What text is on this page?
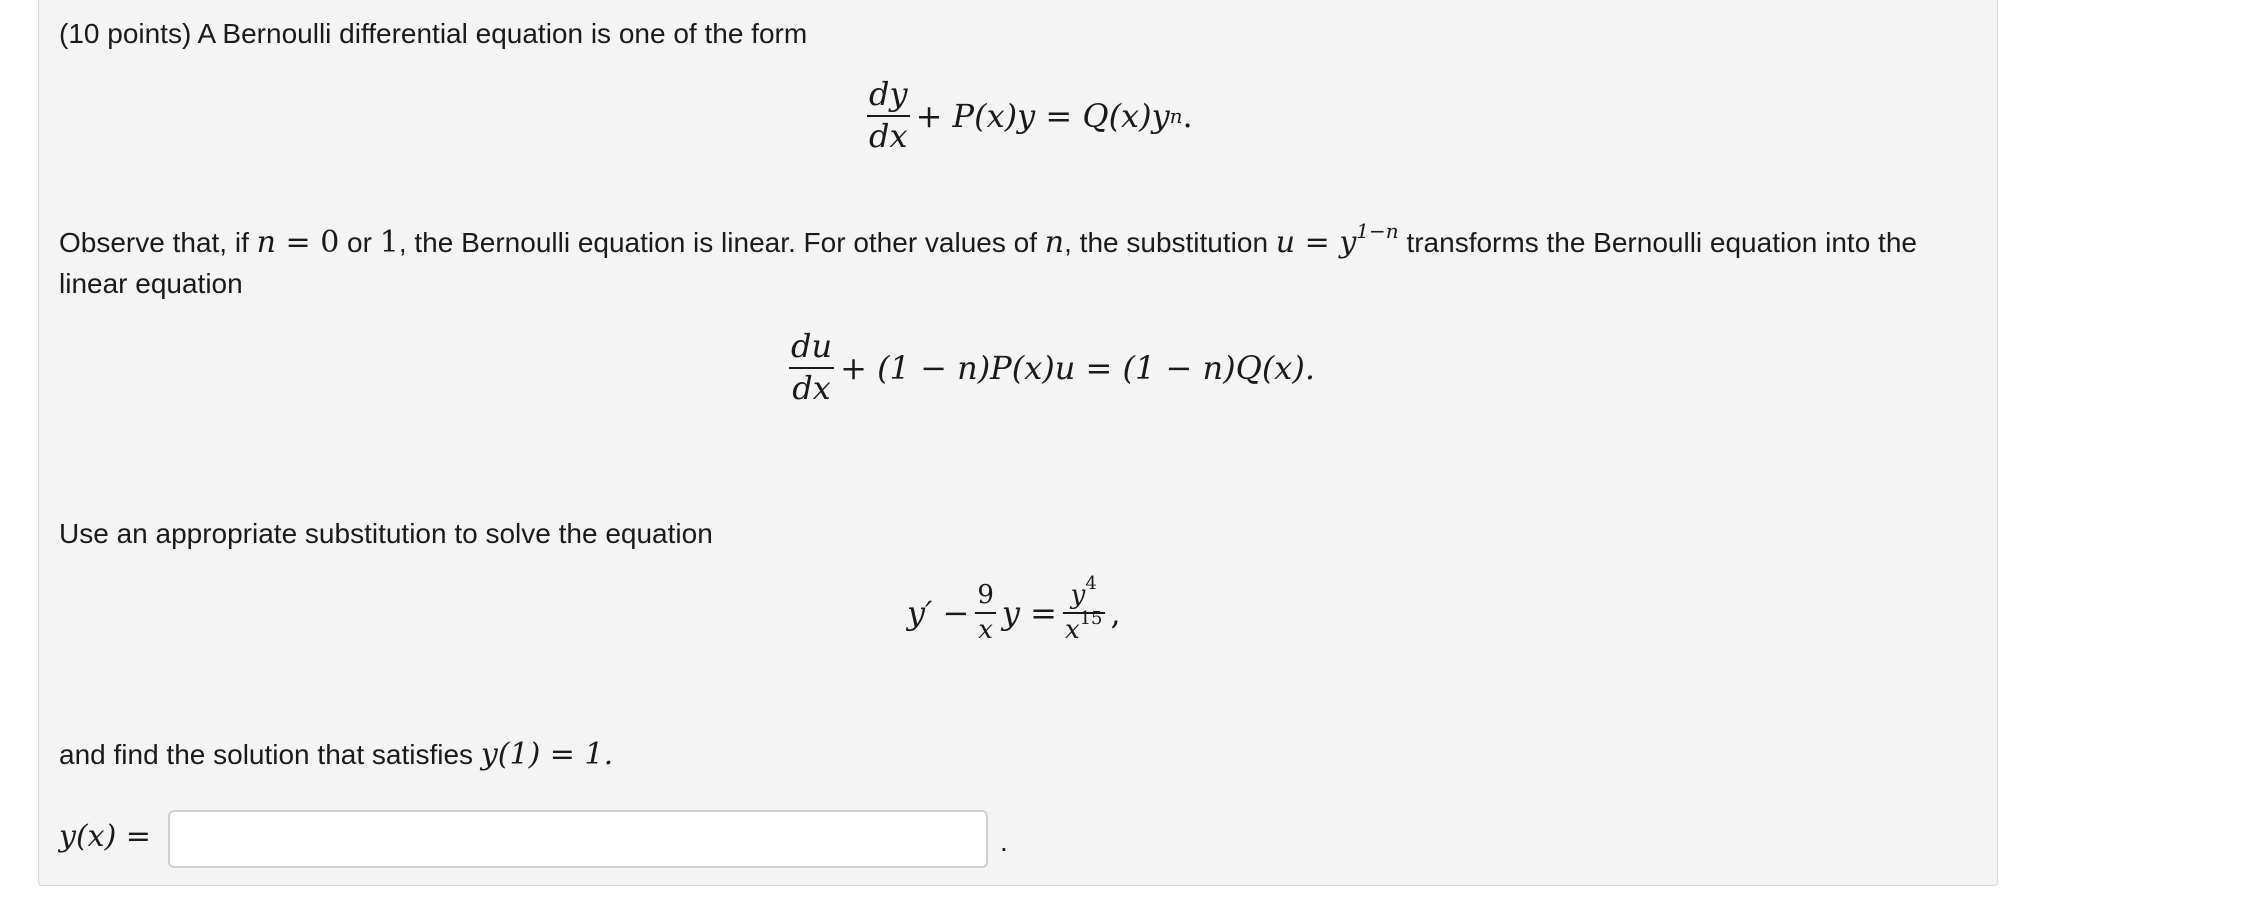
(10 points) A Bernoulli differential equation is one of the form
$\frac{dy}{dx} + P(x)y = Q(x)y$ n .
Observe that, if n = 0 or 1, the Bernoulli equation is linear. For other values of n, the substitution $u = y^{1-n}$ transforms the Bernoulli equation into the
linear equation
$\frac{du}{dx} + (1 - n)P(x)u = (1 - n)Q(x)$.
Use an appropriate substitution to solve the equation
$y' - \frac{9}{x}$ $y = \frac{y^4}{x^{15}}$ ,
and find the solution that satisfies y(1) = 1.
y(x) =	.
